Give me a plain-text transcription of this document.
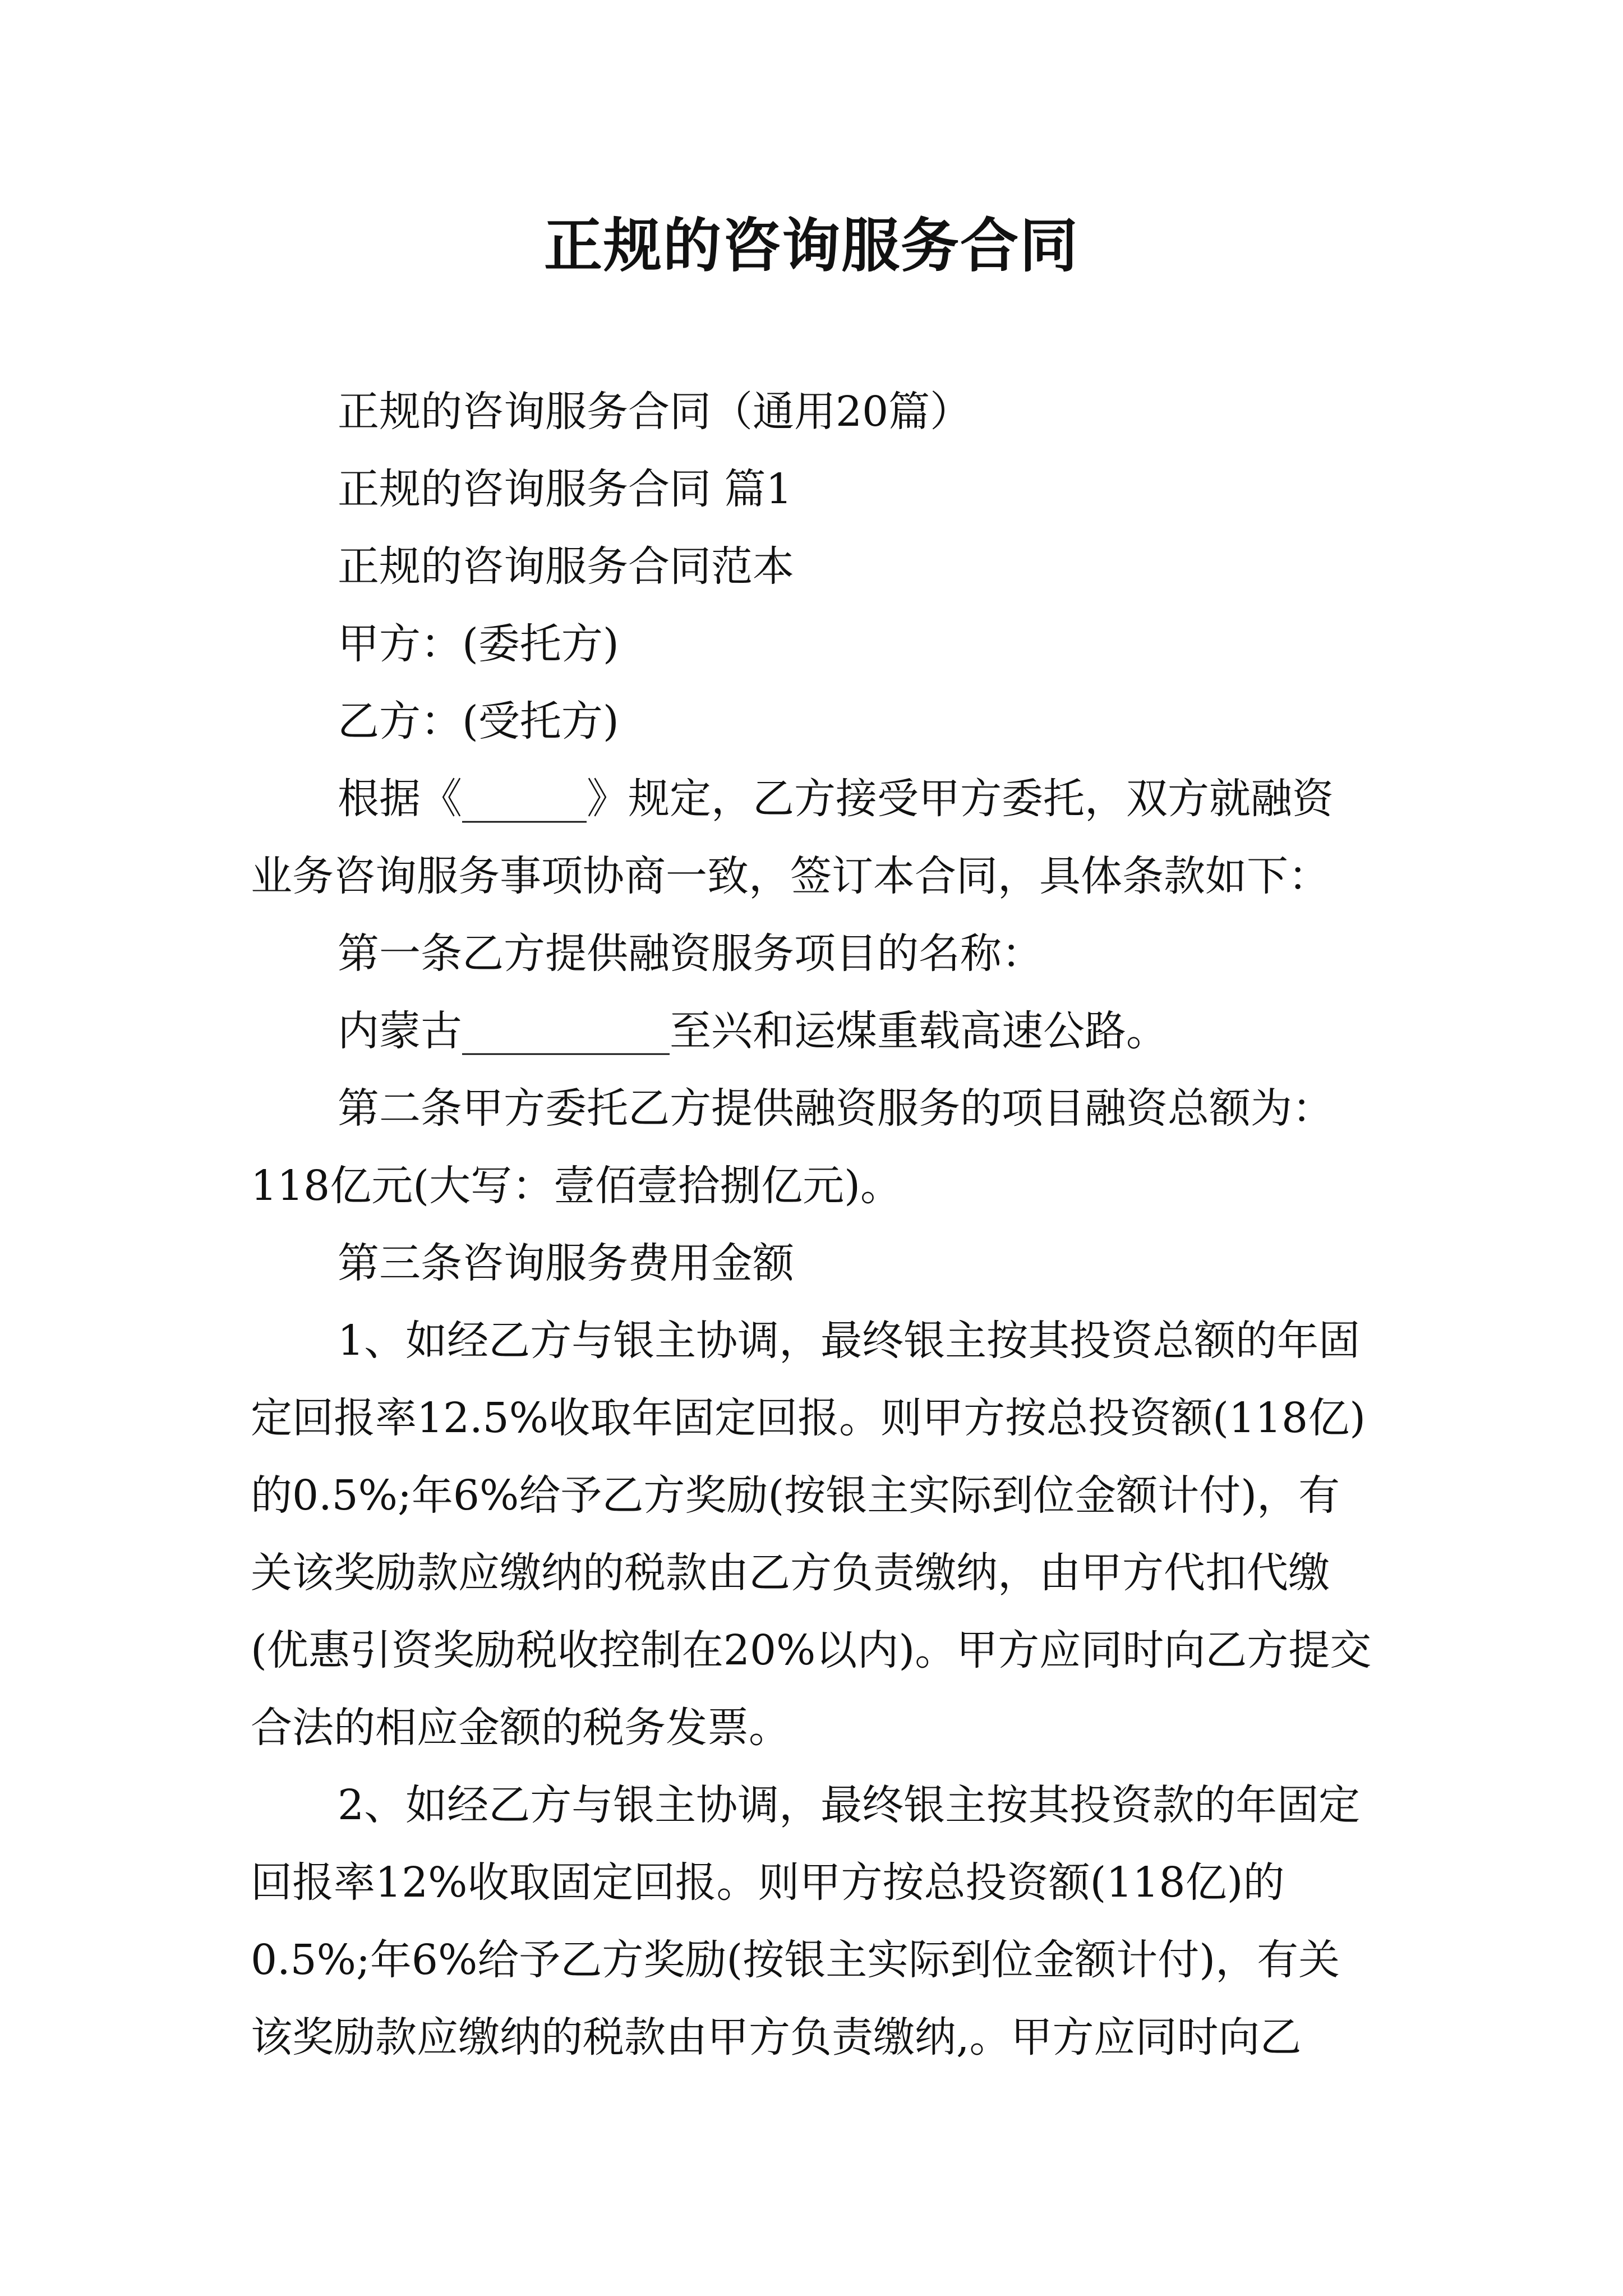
正规的咨询服务合同

正规的咨询服务合同（通用20篇）

正规的咨询服务合同 篇1

正规的咨询服务合同范本

甲方：(委托方)

乙方：(受托方)

根据《______》规定，乙方接受甲方委托，双方就融资业务咨询服务事项协商一致，签订本合同，具体条款如下：

第一条乙方提供融资服务项目的名称：

内蒙古__________至兴和运煤重载高速公路。

第二条甲方委托乙方提供融资服务的项目融资总额为：118亿元(大写：壹佰壹拾捌亿元)。

第三条咨询服务费用金额

1、如经乙方与银主协调，最终银主按其投资总额的年固定回报率12.5%收取年固定回报。则甲方按总投资额(118亿)的0.5%;年6%给予乙方奖励(按银主实际到位金额计付)，有关该奖励款应缴纳的税款由乙方负责缴纳，由甲方代扣代缴(优惠引资奖励税收控制在20%以内)。甲方应同时向乙方提交合法的相应金额的税务发票。

2、如经乙方与银主协调，最终银主按其投资款的年固定回报率12%收取固定回报。则甲方按总投资额(118亿)的0.5%;年6%给予乙方奖励(按银主实际到位金额计付)，有关该奖励款应缴纳的税款由甲方负责缴纳,。甲方应同时向乙
